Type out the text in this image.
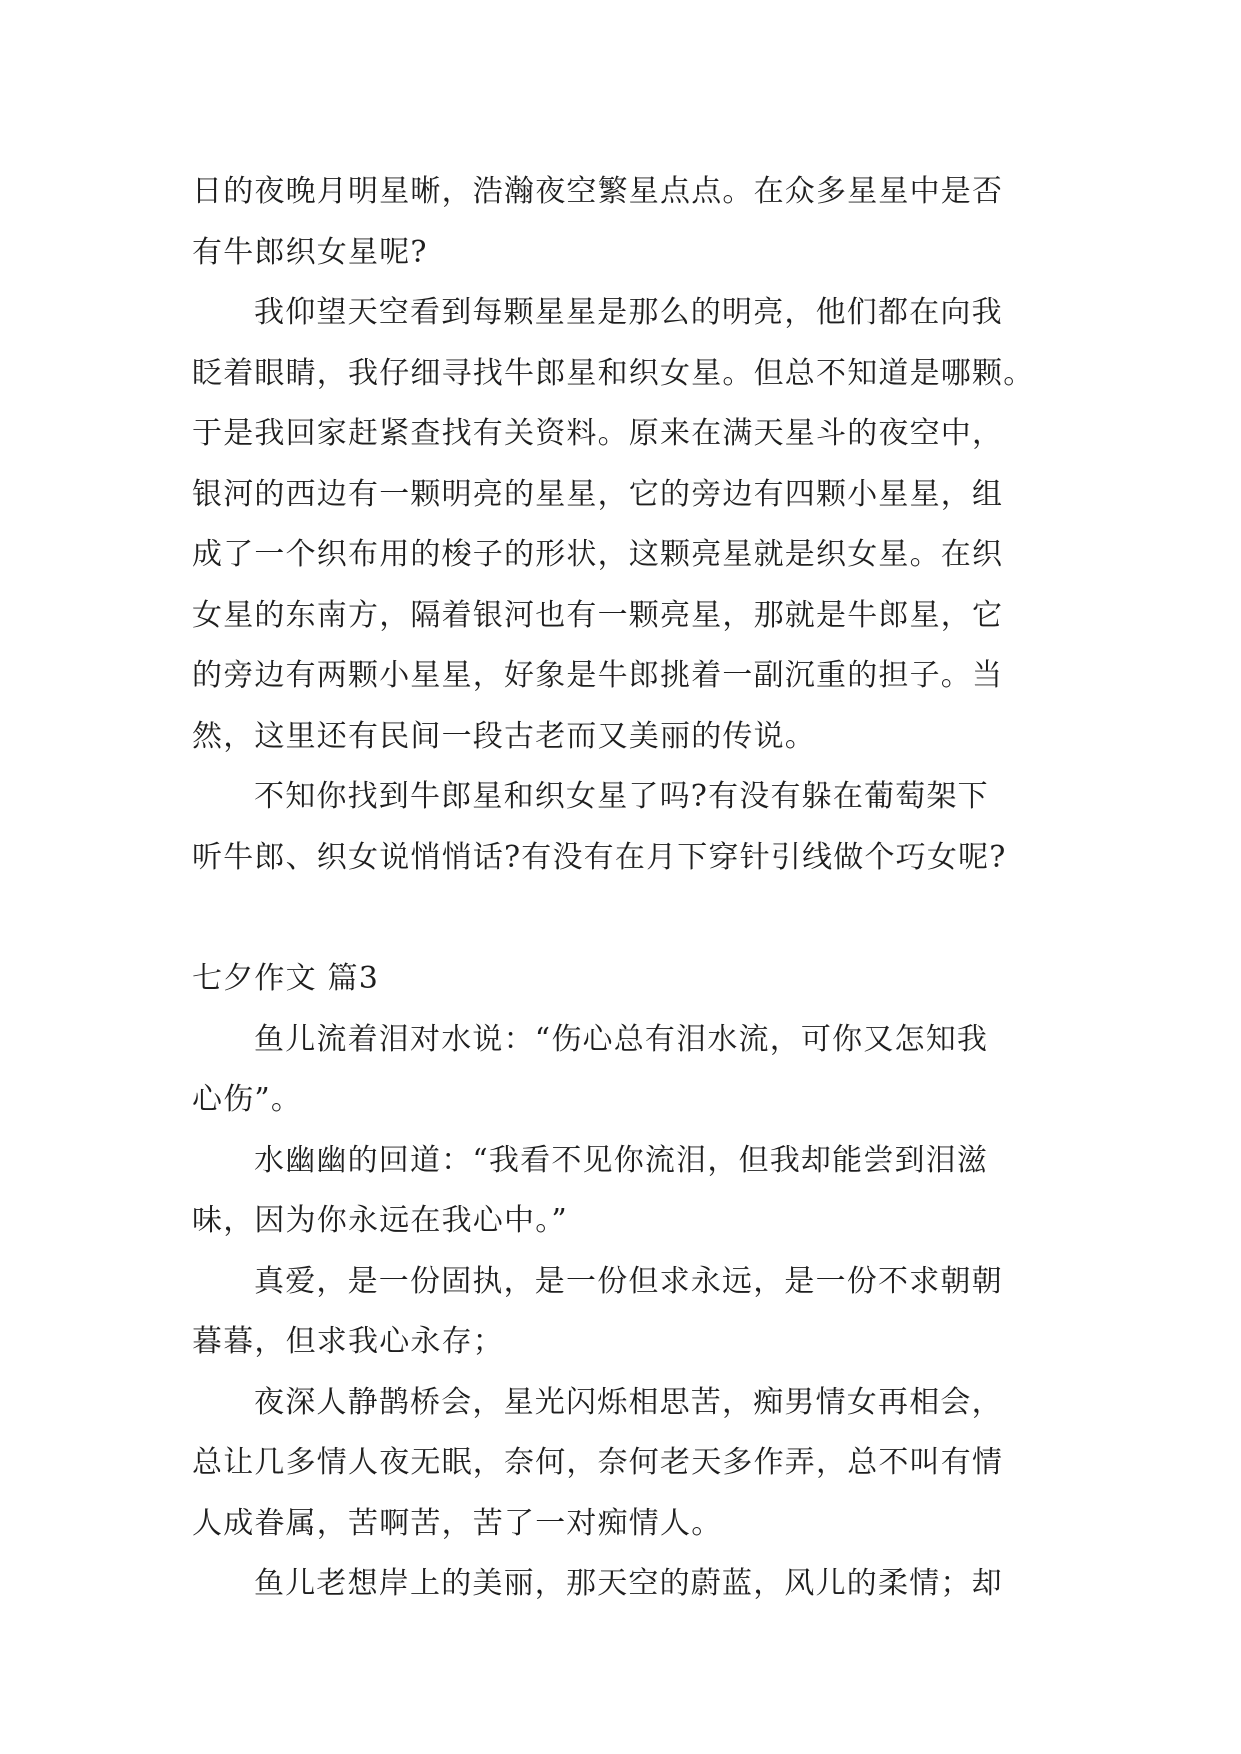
日的夜晚月明星晰，浩瀚夜空繁星点点。在众多星星中是否
有牛郎织女星呢?
我仰望天空看到每颗星星是那么的明亮，他们都在向我
眨着眼睛，我仔细寻找牛郎星和织女星。但总不知道是哪颗。
于是我回家赶紧查找有关资料。原来在满天星斗的夜空中，
银河的西边有一颗明亮的星星，它的旁边有四颗小星星，组
成了一个织布用的梭子的形状，这颗亮星就是织女星。在织
女星的东南方，隔着银河也有一颗亮星，那就是牛郎星，它
的旁边有两颗小星星，好象是牛郎挑着一副沉重的担子。当
然，这里还有民间一段古老而又美丽的传说。
不知你找到牛郎星和织女星了吗?有没有躲在葡萄架下
听牛郎、织女说悄悄话?有没有在月下穿针引线做个巧女呢?
七夕作文 篇3
鱼儿流着泪对水说：“伤心总有泪水流，可你又怎知我
心伤”。
水幽幽的回道：“我看不见你流泪，但我却能尝到泪滋
味，因为你永远在我心中。”
真爱，是一份固执，是一份但求永远，是一份不求朝朝
暮暮，但求我心永存；
夜深人静鹊桥会，星光闪烁相思苦，痴男情女再相会，
总让几多情人夜无眠，奈何，奈何老天多作弄，总不叫有情
人成眷属，苦啊苦，苦了一对痴情人。
鱼儿老想岸上的美丽，那天空的蔚蓝，风儿的柔情；却
